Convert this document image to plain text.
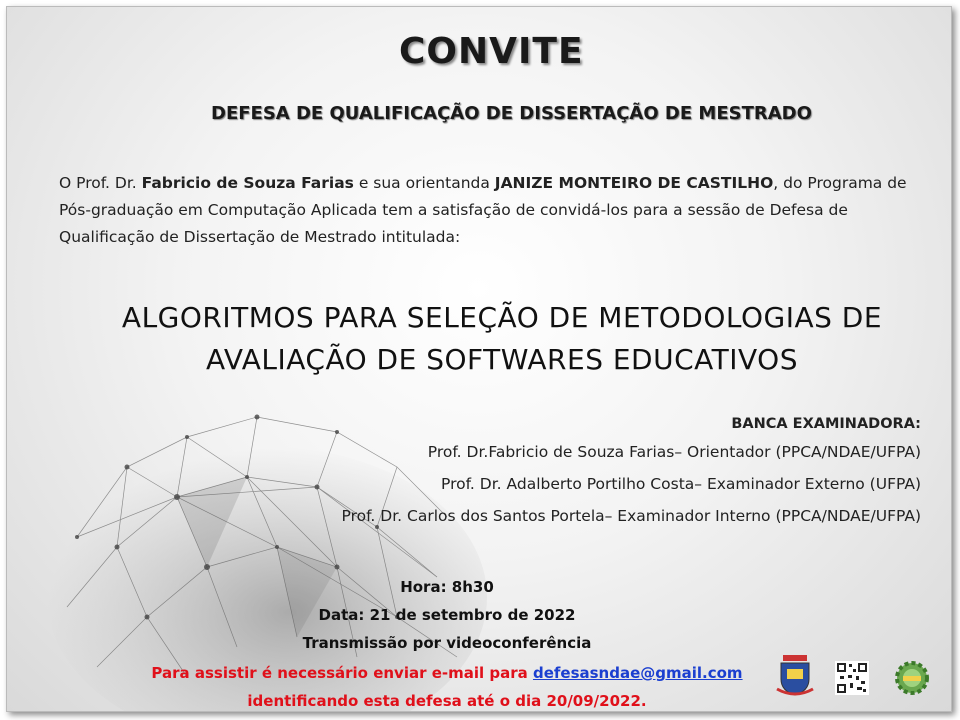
CONVITE
DEFESA DE QUALIFICAÇÃO DE DISSERTAÇÃO DE MESTRADO

O Prof. Dr. Fabricio de Souza Farias e sua orientanda JANIZE MONTEIRO DE CASTILHO, do Programa de Pós-graduação em Computação Aplicada tem a satisfação de convidá-los para a sessão de Defesa de Qualificação de Dissertação de Mestrado intitulada:

ALGORITMOS PARA SELEÇÃO DE METODOLOGIAS DE AVALIAÇÃO DE SOFTWARES EDUCATIVOS
BANCA EXAMINADORA:
Prof. Dr.Fabricio de Souza Farias– Orientador (PPCA/NDAE/UFPA)
Prof. Dr. Adalberto Portilho Costa– Examinador Externo (UFPA)
Prof. Dr. Carlos dos Santos Portela– Examinador Interno (PPCA/NDAE/UFPA)
Hora: 8h30
Data: 21 de setembro de 2022
Transmissão por videoconferência
Para assistir é necessário enviar e-mail para defesasndae@gmail.com
identificando esta defesa até o dia 20/09/2022.
